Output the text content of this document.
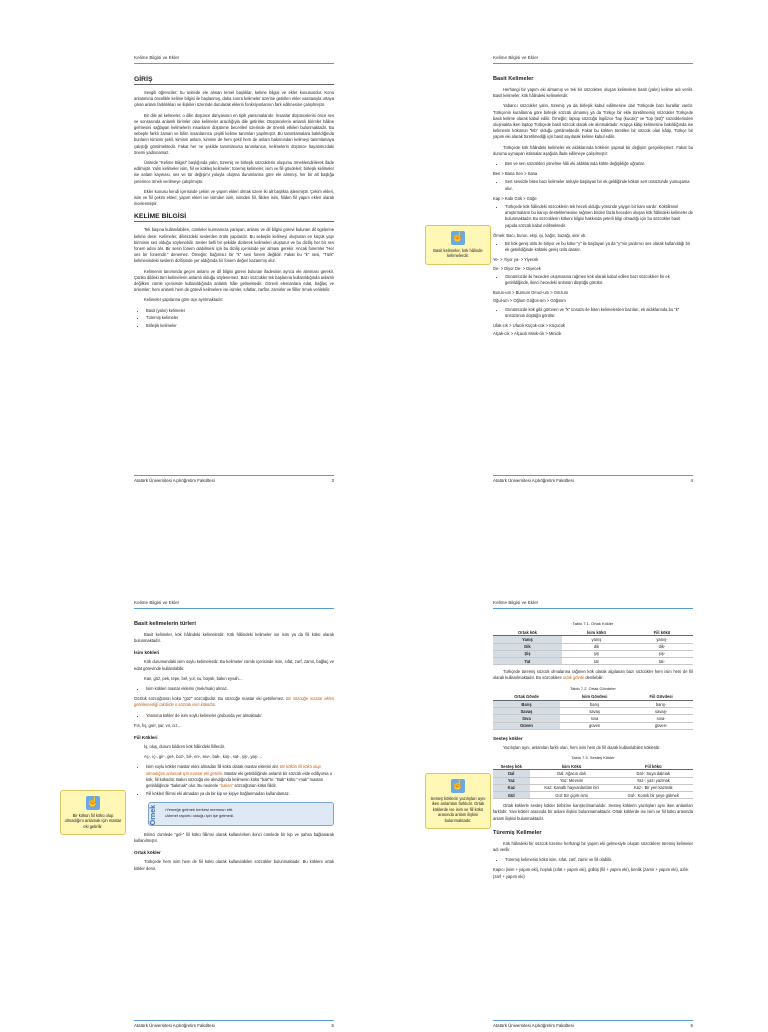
Kelime Bilgisi ve Ekler
GİRİŞ

Sevgili öğrenciler; bu ünitede ele alınan temel başlıklar, kelime bilgisi ve ekler konusundur. Konu anlatımına öncelikle kelime bilgisi ile başlanmış, daha sonra kelimeler üzerine getirilen ekler vasıtasıyla ortaya çıkan anlam farklılıkları ve ilişkileri üzerinde durularak eklerin fonksiyonlarının fark edilmesine çalışılmıştır.

Bir dile ait kelimeler, o dilin düşünce dünyasının en tipik yansımalarıdır. İnsanlar düşüncelerini önce ses ve sonrasında anlamlı birimler olan kelimeler aracılığıyla dile getirirler. Düşüncelerin anlamlı birimler hâline gelmesini sağlayan kelimelerin insanların düşünme becerileri üzerinde de önemli etkileri bulunmaktadır. Bu sebeple farklı zaman ve bilim insanlarınca çeşitli kelime tanımları yapılmıştır. Bu tanımlamalara bakıldığında bunların kiminin şekil, kiminin anlam, kiminin de hem şekil hem de anlam bakımından kelimeyi tanımlamaya çalıştığı görülmektedir. Fakat her ne şekilde tanımlanırsa tanımlansın, kelimelerin düşünce hayatımızdaki önemi yadsınamaz.

Ünitede "Kelime Bilgisi" başlığında yalın, türemiş ve birleşik sözcüklerin oluşumu örneklendirilerek ifade edilmiştir. Yalın kelimeler isim, fiil ve kökleş kelimeler; türemiş kelimeler, isim ve fiil gövdeleri; birleşik kelimeler ise anlam kayması, ses ve tür değişimi yoluyla oluşma durumlarına göre ele alınmış, her bir alt başlığa yeterince örnek verilmeye çalışılmıştır.

Ekler konusu kendi içerisinde çekim ve yapım ekleri olmak üzere iki alt başlıkta işlenmiştir. Çekim ekleri, isim ve fiil çekim ekleri; yapım ekleri ise isimden isim, isimden fiil, fiilden isim, fiilden fiil yapım ekleri olarak incelenmiştir.

KELİME BİLGİSİ

Tek başına kullanılabilen, cümleler kurmamıza yarayan, anlamı ve dil bilgisi görevi bulunan dil ögelerine kelime denir. Kelimeler, dilimizdeki seslerden örülü yapılardır. Bu sebeple kelimeyi oluşturan en küçük yapı biriminin ses olduğu söylenebilir. Sesler belli bir şekilde dizilerek kelimeleri oluşturur ve bu diziliş her bir ses fonem adını alır. Bir sesin fonem olabilmesi için bu diziliş içerisinde yer alması gerekir. Ancak fonemler "Her ses bir fonemdir." denemez. Örneğin; bağımsız bir "k" sesi fonem değildir. Fakat bu "k" sesi, "Türk" kelimesindeki seslerin dizilişinde yer aldığında bir fonem değeri kazanmış olur.

Kelimenin tanımında geçen anlamı ve dil bilgisi görevi bulunan ifadesinin ayrıca ele alınması gerekir. Çünkü dildeki tüm kelimelerin anlamlı olduğu söylenemez. Bazı sözcükler tek başlarına kullanıldığında anlamlı değilken cümle içerisinde kullanıldığında anlamlı hâle gelmektedir. Görevli elemanlara edat, bağlaç ve ünlemler; hem anlamlı hem de görevli kelimelere ise isimler, sıfatlar, zarflar, zamirler ve fiiller örnek verilebilir.

Kelimeler yapılarına göre üçe ayrılmaktadır:

• Basit (yalın) kelimeler
• Türemiş kelimeler
• Birleşik kelimeler
Atatürk Üniversitesi Açıköğretim Fakültesi	3
☝
Basit kelimeler, kök hâlinde kelimelerdir.
Kelime Bilgisi ve Ekler
Basit Kelimeler

Herhangi bir yapım eki almamış ve tek bir sözcükten oluşan kelimelere basit (yalın) kelime adı verilir. Basit kelimeler, kök hâlindeki kelimelerdir.

Yabancı sözcükler yalın, türemiş ya da birleşik kabul edilmesine dair Türkçede bazı kurallar vardır. Türkçenin kurallarına göre birleşik sözcük olmamış ya da Türkçe bir ekle türetilmemiş sözcükler Türkçede basit kelime olarak kabul edilir. Örneğin; laptop sözcüğü İngilizce "lap (kucak)" ve "top (üst)" sözcüklerinden oluşmakta iken laptop Türkçede basit sözcük olarak ele alınmaktadır. Arapça kâtip kelimesine bakıldığında ise kelimenin kökünün "ktb" olduğu görülmektedir. Fakat bu kökten türetilen bir sözcük olan kâtip, Türkçe bir yapım eki alarak türetilmediği için basit sayılarak kelime kabul edilir.

Türkçede kök hâlindeki kelimeler ek aldıklarında köklerin yapısal bir değişim gerçekleşmez. Fakat bu duruma uymayan istisnalar aşağıda ifade edilmeye çalışılmıştır:

• Ben ve sen sözcükleri yönelme hâli eki aldıklarında kökte değişikliğe uğrarlar.
Ben > Bana Sen > Sana
• Sert sessizle biten bazı kelimeler ünlüyle başlayan bir ek geldiğinde kökün sert ünsüzünde yumuşama olur.
Kap > Kabı Gök > Göğe
• Türkçede kök hâlindeki sözcüklerin tek heceli olduğu yönünde yaygın bir kanı vardır. Köktilimsel araştırmaların bu kanıyı desteklemesine rağmen birden fazla heceden oluşan kök hâlindeki kelimeler de bulunmaktadır. Bu sözcüklerin kökeni bilgisi hakkında yeterli bilgi olmadığı için bu sözcükler basit yapıda sözcük kabul edilmektedir.
Örnek: Bacı, burun, ekşi, iyi, kağın, buzağı, sinir vb.
• Bir kök geniş ünlü ile bitiyor ve bu köke "y" ile başlayan ya da "y"nin yardımcı ses olarak kullanıldığı bir ek getirildiğinde kökteki geniş ünlü daralır.
Ye- > Yiyor ya- > Yiyecek
De- > Diyor De- > Diyecek
• Günümüzde iki heceden oluşmasına rağmen kök olarak kabul edilen bazı sözcüklere bir ek getirildiğinde, ikinci hecedeki ünlünün düştüğü görülür.
Burun-um > Burnum Omuz-um > Omzum
Oğul-um > Oğlum Göğüs-üm > Göğsüm
• Günümüzde kök gibi görünen ve "k" ünsüzü ile biten kelimelerden bazıları, ek aldıklarında bu "k" ünsüzünün düştüğü görülür.
Ufak-cık > Ufacık Küçük-cük > Küçücük
Alçak-cık > Alçacık Minik-cik > Minicik
Atatürk Üniversitesi Açıköğretim Fakültesi	4
☝
Bir kökün fiil kökü olup olmadığını anlamak için mastar eki getirilir.
Kelime Bilgisi ve Ekler
Basit kelimelerin türleri

Basit kelimeler, kök hâlindeki kelimelerdir. Kök hâlindeki kelimeler ise isim ya da fiil kökü olarak bulunmaktadır.

İsim kökleri

Kök durumundaki isim soylu kelimelerdir. Bu kelimeler cümle içerisinde isim, sıfat, zarf, zamir, bağlaç ve edat görevinde kullanılabilir.

Kan, göz, pek, tepe, bel, yol, su, büyük, bakın eyvah…

• İsim kökleri mastar eklerini (mek/mak) almaz.

Gözlük sözcüğünün kökü "göz" sözcüğüdür. Bu sözcüğe mastar eki getirilemez. Bir sözcüğe mastar ekleri getirilemediği takdirde o sözcük isim köküdür.

• Yansıma kökler de isim soylu kelimeler grubunda yer almaktadır.
Fıs, fış, gürr, şar, vır, cız…
Fiil Kökleri

İş, oluş, durum bildiren kök hâlindeki fiillerdir.

Aç-, iç-, gir-, gel-, boz-, bil-, en-, sev-, bak-, koş-, sat-, şiş-, yaş-…

• İsim soylu kökler mastar ekini almadan fiil kökü olarak mastar eklerini alır. Bir kökün fiil kökü olup olmadığını anlamak için mastar eki getirilir. Mastar eki getirildiğinde anlamlı bir sözcük elde ediliyorsa o kök, fiil köküdür. Bakın sözcüğü ele alındığında kelimenin kökü "bak"tır. "Bak" kökü "-mak" mastarı getirildiğinde "bakmak" olur. Bu nedenle "bakan" sözcüğünün kökü fiildir.
• Fiil kökleri filimsi eki almadan ya da bir kip ve kişiye bağlanmadan kullanılamaz.
Örnek •Yemeğe gelmek herkesi memnun etti.
•Ahmet raporlu olduğu için işe gelmedi.

Birinci cümlede "gel-" fiil kökü fiilimsi olarak kullanılırken ikinci cümlede bir kip ve şahsa bağlanarak kullanılmıştır.

Ortak kökler

Türkçede hem isim hem de fiil kökü olarak kullanılabilen sözcükler bulunmaktadır. Bu köklere ortak kökler denir.

Atatürk Üniversitesi Açıköğretim Fakültesi	5
☝
Sesteş köklerin yazılışları aynı iken anlamları farklıdır. Ortak köklerde ise isim ve fiil kökü arasında anlam ilişkisi bulunmaktadır.
Kelime Bilgisi ve Ekler
Tablo 7.1. Ortak Kökler
Ortak kök	İsim kökü	Fiil kökü
Yanış	yanış	yanış-
Dik	dik	dik-
Şiş	şiş	şiş-
Tat	tat	tat-

Türkçede türemiş sözcük olmalarına rağmen kök olarak algılanan bazı sözcükler hem isim hem de fiil olarak kullanılmaktadır. Bu sözcüklere ortak gövde denilebilir.

Tablo 7.2. Ortak Gövdeler
Ortak Gövde	İsim Gövdesi	Fiil Gövdesi
Barış	barış	barış-
Savaş	savaş	savaş-
Sıva	sıva	sıva-
Güven	güven	güven-
Sesteş kökler

Yazılışları aynı, anlamları farklı olan, hem isim hem de fiil olarak kullanılabilen köklerdir.

Tablo 7.3. Sesteş Kökler
Sesteş kök	İsim Kökü	Fiil kökü
Dal	Dal: Ağacın dalı	Dal-: Suya dalmak
Yaz	Yaz: Mevsim	Yaz-: yazı yazmak
Kaz	Kaz: Kanatlı hayvanlardan biri	Kaz-: Bir yeri kazmak
Gül	Gül: Bir çiçek ismi	Gül-: Komik bir şeye gülmek

Ortak köklerle sesteş kökler birbirine karıştırılmamalıdır. Sesteş köklerin yazılışları aynı iken anlamları farklıdır. Yani kökler arasında bir anlam ilişkisi bulunmamaktadır. Ortak köklerde ise isim ve fiil kökü arasında anlam ilişkisi bulunmaktadır.

Türemiş Kelimeler

Kök hâlindeki bir sözcük üzerine herhangi bir yapım eki gelmesiyle oluşan sözcüklere türemiş kelimeler adı verilir.

• Türemiş kelimenin kökü isim, sıfat, zarf, zamir ve fiil olabilir.
Kapıcı (isim + yapım eki), hoşluk (sıfat + yapım eki), güllüş (fiil + yapım eki), benlik (zamir + yapım eki), azlık (zarf + yapım eki)
Atatürk Üniversitesi Açıköğretim Fakültesi	6
